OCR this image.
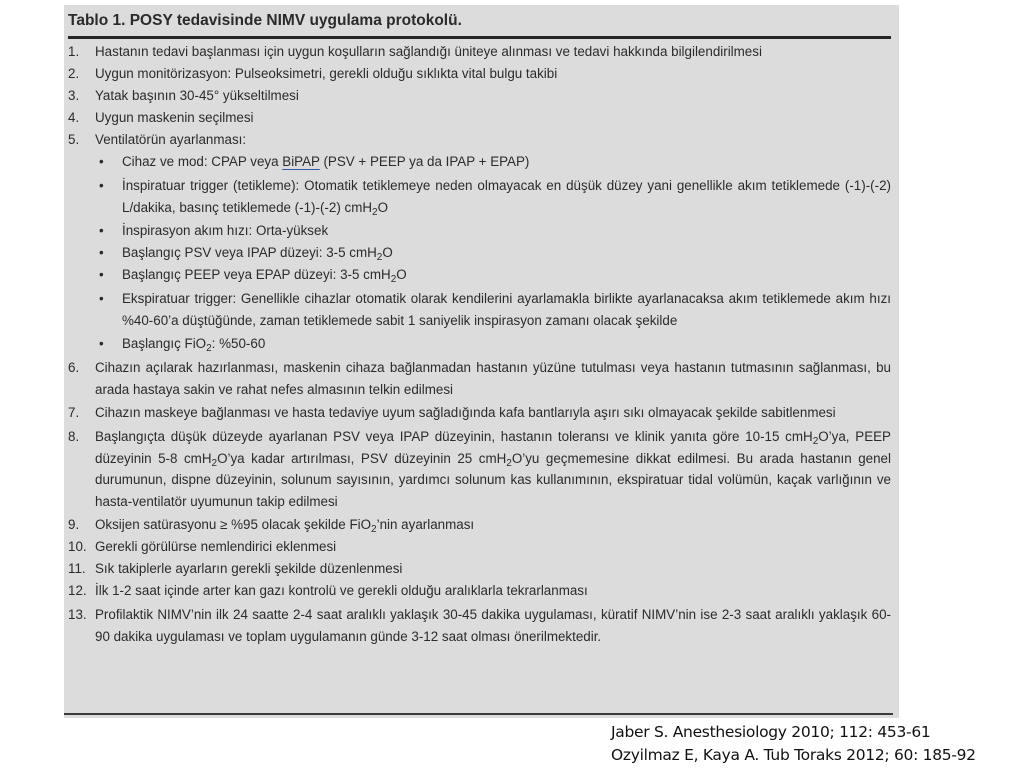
Tablo 1. POSY tedavisinde NIMV uygulama protokolü.
1.	Hastanın tedavi başlanması için uygun koşulların sağlandığı üniteye alınması ve tedavi hakkında bilgilendirilmesi
2.	Uygun monitörizasyon: Pulseoksimetri, gerekli olduğu sıklıkta vital bulgu takibi
3.	Yatak başının 30-45° yükseltilmesi
4.	Uygun maskenin seçilmesi
5.	Ventilatörün ayarlanması:
•	Cihaz ve mod: CPAP veya BiPAP (PSV + PEEP ya da IPAP + EPAP)
•	İnspiratuar trigger (tetikleme): Otomatik tetiklemeye neden olmayacak en düşük düzey yani genellikle akım tetiklemede (-1)-(-2) L/dakika, basınç tetiklemede (-1)-(-2) cmH$_2$O
•	İnspirasyon akım hızı: Orta-yüksek
•	Başlangıç PSV veya IPAP düzeyi: 3-5 cmH$_2$O
•	Başlangıç PEEP veya EPAP düzeyi: 3-5 cmH$_2$O
•	Ekspiratuar trigger: Genellikle cihazlar otomatik olarak kendilerini ayarlamakla birlikte ayarlanacaksa akım tetiklemede akım hızı %40-60’a düştüğünde, zaman tetiklemede sabit 1 saniyelik inspirasyon zamanı olacak şekilde
•	Başlangıç FiO$_2$: %50-60
6.	Cihazın açılarak hazırlanması, maskenin cihaza bağlanmadan hastanın yüzüne tutulması veya hastanın tutmasının sağlanması, bu arada hastaya sakin ve rahat nefes almasının telkin edilmesi
7.	Cihazın maskeye bağlanması ve hasta tedaviye uyum sağladığında kafa bantlarıyla aşırı sıkı olmayacak şekilde sabitlenmesi
8.	Başlangıçta düşük düzeyde ayarlanan PSV veya IPAP düzeyinin, hastanın toleransı ve klinik yanıta göre 10-15 cmH$_2$O’ya, PEEP düzeyinin 5-8 cmH$_2$O’ya kadar artırılması, PSV düzeyinin 25 cmH$_2$O’yu geçmemesine dikkat edilmesi. Bu arada hastanın genel durumunun, dispne düzeyinin, solunum sayısının, yardımcı solunum kas kullanımının, ekspiratuar tidal volümün, kaçak varlığının ve hasta-ventilatör uyumunun takip edilmesi
9.	Oksijen satürasyonu ≥ %95 olacak şekilde FiO$_2$’nin ayarlanması
10. Gerekli görülürse nemlendirici eklenmesi
11. Sık takiplerle ayarların gerekli şekilde düzenlenmesi
12. İlk 1-2 saat içinde arter kan gazı kontrolü ve gerekli olduğu aralıklarla tekrarlanması
13. Profilaktik NIMV’nin ilk 24 saatte 2-4 saat aralıklı yaklaşık 30-45 dakika uygulaması, küratif NIMV’nin ise 2-3 saat aralıklı yaklaşık 60-90 dakika uygulaması ve toplam uygulamanın günde 3-12 saat olması önerilmektedir.
Jaber S. Anesthesiology 2010; 112: 453-61
Ozyilmaz E, Kaya A. Tub Toraks 2012; 60: 185-92
